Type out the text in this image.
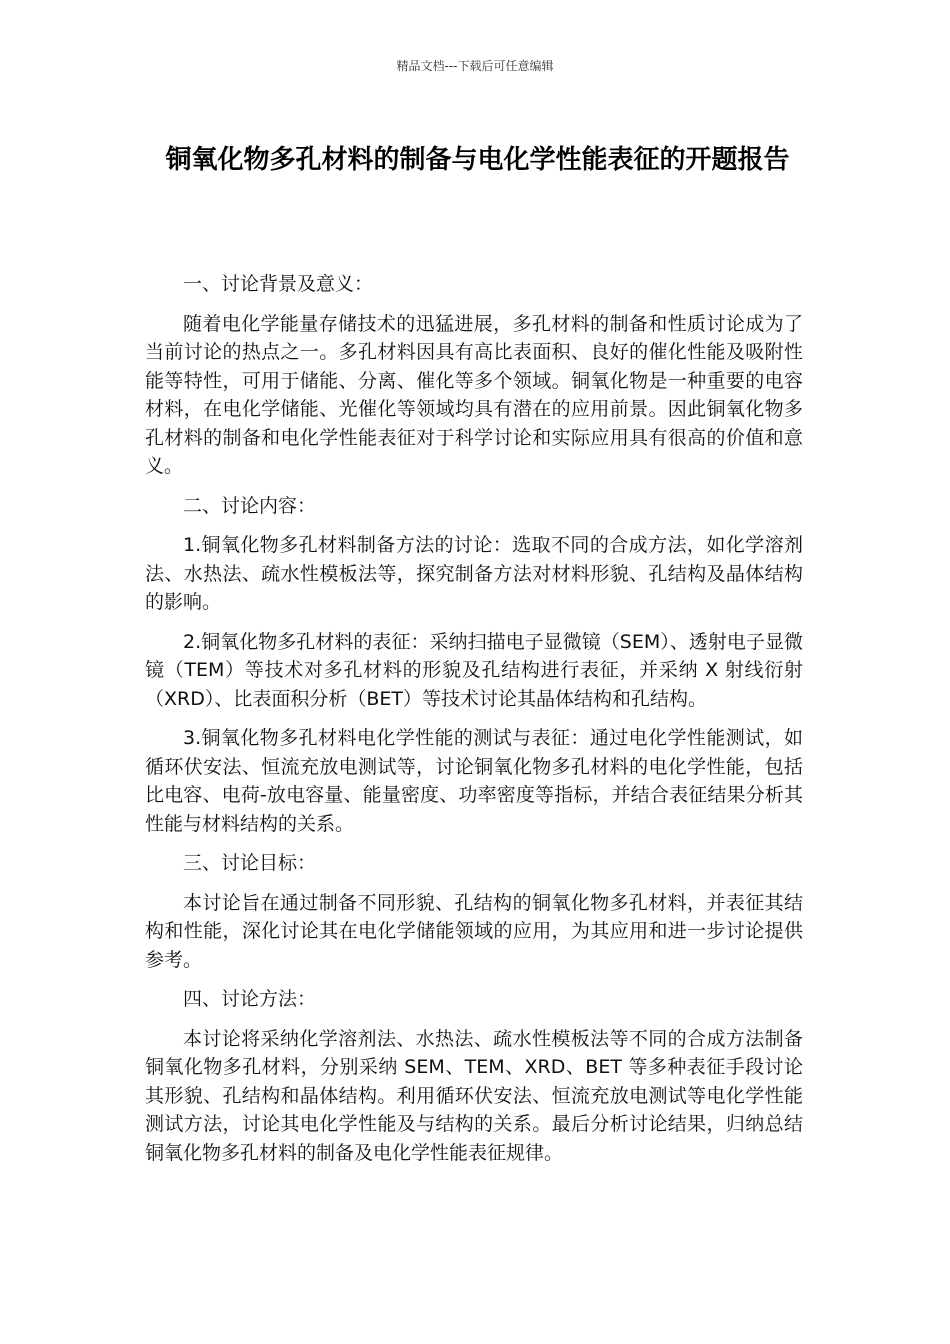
精品文档---下载后可任意编辑
铜氧化物多孔材料的制备与电化学性能表征的开题报告

一、讨论背景及意义：

随着电化学能量存储技术的迅猛进展，多孔材料的制备和性质讨论成为了当前讨论的热点之一。多孔材料因具有高比表面积、良好的催化性能及吸附性能等特性，可用于储能、分离、催化等多个领域。铜氧化物是一种重要的电容材料，在电化学储能、光催化等领域均具有潜在的应用前景。因此铜氧化物多孔材料的制备和电化学性能表征对于科学讨论和实际应用具有很高的价值和意义。

二、讨论内容：

1.铜氧化物多孔材料制备方法的讨论：选取不同的合成方法，如化学溶剂法、水热法、疏水性模板法等，探究制备方法对材料形貌、孔结构及晶体结构的影响。

2.铜氧化物多孔材料的表征：采纳扫描电子显微镜（SEM）、透射电子显微镜（TEM）等技术对多孔材料的形貌及孔结构进行表征，并采纳 X 射线衍射（XRD）、比表面积分析（BET）等技术讨论其晶体结构和孔结构。

3.铜氧化物多孔材料电化学性能的测试与表征：通过电化学性能测试，如循环伏安法、恒流充放电测试等，讨论铜氧化物多孔材料的电化学性能，包括比电容、电荷-放电容量、能量密度、功率密度等指标，并结合表征结果分析其性能与材料结构的关系。

三、讨论目标：

本讨论旨在通过制备不同形貌、孔结构的铜氧化物多孔材料，并表征其结构和性能，深化讨论其在电化学储能领域的应用，为其应用和进一步讨论提供参考。

四、讨论方法：

本讨论将采纳化学溶剂法、水热法、疏水性模板法等不同的合成方法制备铜氧化物多孔材料，分别采纳 SEM、TEM、XRD、BET 等多种表征手段讨论其形貌、孔结构和晶体结构。利用循环伏安法、恒流充放电测试等电化学性能测试方法，讨论其电化学性能及与结构的关系。最后分析讨论结果，归纳总结铜氧化物多孔材料的制备及电化学性能表征规律。
